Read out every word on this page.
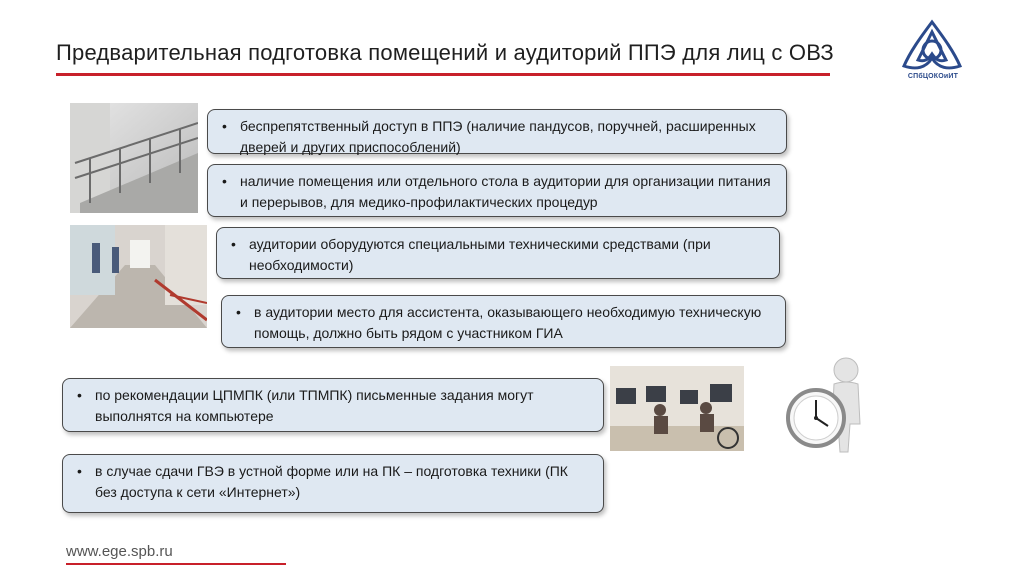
Предварительная подготовка помещений и аудиторий ППЭ для лиц с ОВЗ
СПбЦОКОиИТ
• беспрепятственный доступ в ППЭ (наличие пандусов, поручней, расширенных дверей и других приспособлений)
• наличие помещения или отдельного стола в аудитории для организации питания и перерывов, для медико-профилактических процедур
• аудитории оборудуются специальными техническими средствами (при необходимости)
• в аудитории место для ассистента, оказывающего необходимую техническую помощь, должно быть рядом с участником ГИА
• по рекомендации ЦПМПК (или ТПМПК) письменные задания могут выполнятся на компьютере
• в случае сдачи ГВЭ в устной форме или на ПК – подготовка техники (ПК без доступа к сети «Интернет»)
www.ege.spb.ru
